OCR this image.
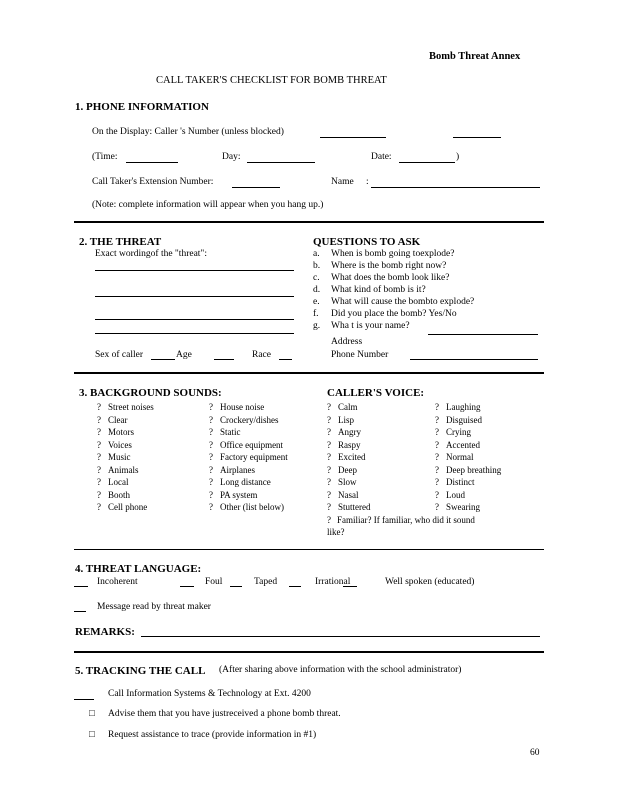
Bomb Threat Annex
CALL TAKER'S CHECKLIST FOR BOMB THREAT
1. PHONE INFORMATION
On the Display: Caller 's Number (unless blocked)
(Time:	Day:	Date:	)
Call Taker's Extension Number:	Name :
(Note: complete information will appear when you hang up.)
2. THE THREAT
Exact wordingof the "threat":
Sex of caller	Age	Race
QUESTIONS TO ASK
a. When is bomb going toexplode?
b. Where is the bomb right now?
c. What does the bomb look like?
d. What kind of bomb is it?
e. What will cause the bombto explode?
f. Did you place the bomb? Yes/No
g. Wha t is your name?
Address
Phone Number
3. BACKGROUND SOUNDS:	CALLER'S VOICE:
? Street noises
? Clear
? Motors
? Voices
? Music
? Animals
? Local
? Booth
? Cell phone
? House noise
? Crockery/dishes
? Static
? Office equipment
? Factory equipment
? Airplanes
? Long distance
? PA system
? Other (list below)
? Calm
? Lisp
? Angry
? Raspy
? Excited
? Deep
? Slow
? Nasal
? Stuttered
? Laughing
? Disguised
? Crying
? Accented
? Normal
? Deep breathing
? Distinct
? Loud
? Swearing
? Familiar? If familiar, who did it sound
like?
4. THREAT LANGUAGE:
Incoherent	Foul	Taped	Irrational	Well spoken (educated)
Message read by threat maker
REMARKS:
5. TRACKING THE CALL (After sharing above information with the school administrator)
Call Information Systems & Technology at Ext. 4200
□ Advise them that you have justreceived a phone bomb threat.
□ Request assistance to trace (provide information in #1)
60
